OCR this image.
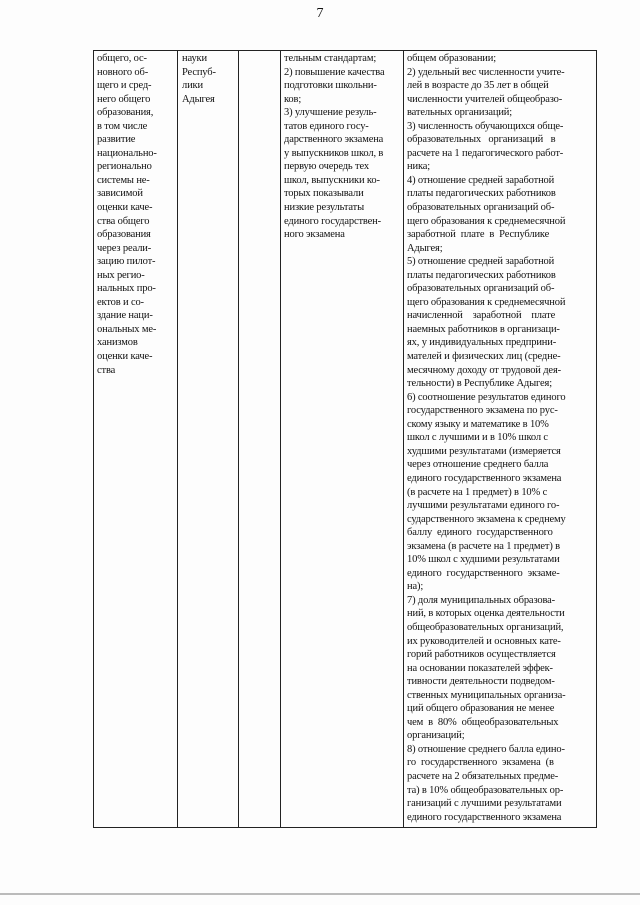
7
общего, ос-
новного об-
щего и сред-
него общего
образования,
в том числе
развитие
национально-
регионально
системы не-
зависимой
оценки каче-
ства общего
образования
через реали-
зацию пилот-
ных регио-
нальных про-
ектов и со-
здание наци-
ональных ме-
ханизмов
оценки каче-
ства
науки
Респуб-
лики
Адыгея
тельным стандартам;
2) повышение качества
подготовки школьни-
ков;
3) улучшение резуль-
татов единого госу-
дарственного экзамена
у выпускников школ, в
первую очередь тех
школ, выпускники ко-
торых показывали
низкие результаты
единого государствен-
ного экзамена
общем образовании;
2) удельный вес численности учите-
лей в возрасте до 35 лет в общей
численности учителей общеобразо-
вательных организаций;
3) численность обучающихся обще-
образовательных   организаций   в
расчете на 1 педагогического работ-
ника;
4) отношение средней заработной
платы педагогических работников
образовательных организаций об-
щего образования к среднемесячной
заработной  плате  в  Республике
Адыгея;
5) отношение средней заработной
платы педагогических работников
образовательных организаций об-
щего образования к среднемесячной
начисленной    заработной    плате
наемных работников в организаци-
ях, у индивидуальных предприни-
мателей и физических лиц (средне-
месячному доходу от трудовой дея-
тельности) в Республике Адыгея;
6) соотношение результатов единого
государственного экзамена по рус-
скому языку и математике в 10%
школ с лучшими и в 10% школ с
худшими результатами (измеряется
через отношение среднего балла
единого государственного экзамена
(в расчете на 1 предмет) в 10% с
лучшими результатами единого го-
сударственного экзамена к среднему
баллу  единого  государственного
экзамена (в расчете на 1 предмет) в
10% школ с худшими результатами
единого  государственного  экзаме-
на);
7) доля муниципальных образова-
ний, в которых оценка деятельности
общеобразовательных организаций,
их руководителей и основных кате-
горий работников осуществляется
на основании показателей эффек-
тивности деятельности подведом-
ственных муниципальных организа-
ций общего образования не менее
чем  в  80%  общеобразовательных
организаций;
8) отношение среднего балла едино-
го  государственного  экзамена  (в
расчете на 2 обязательных предме-
та) в 10% общеобразовательных ор-
ганизаций с лучшими результатами
единого государственного экзамена
